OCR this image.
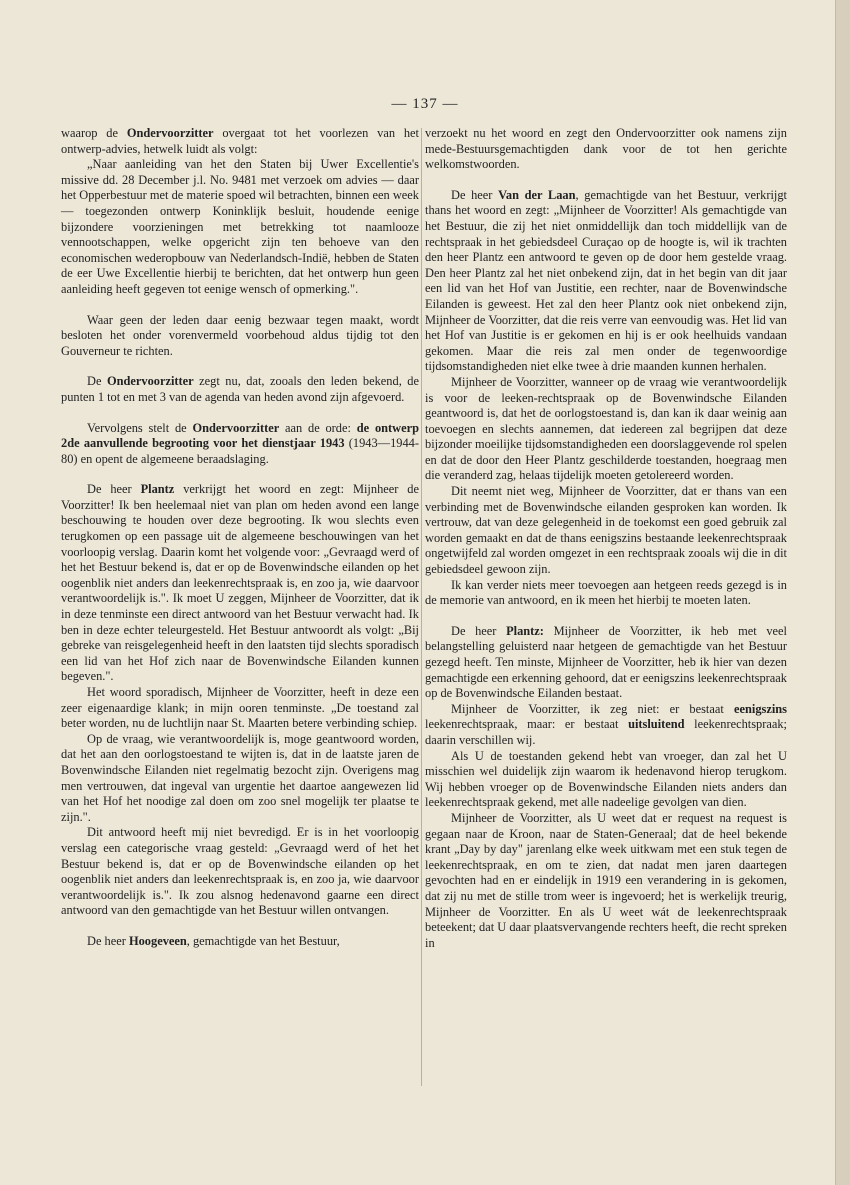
— 137 —

waarop de Ondervoorzitter overgaat tot het voorlezen van het ontwerp-advies, hetwelk luidt als volgt:

„Naar aanleiding van het den Staten bij Uwer Excellentie's missive dd. 28 December j.l. No. 9481 met verzoek om advies — daar het Opperbestuur met de materie spoed wil betrachten, binnen een week — toegezonden ontwerp Koninklijk besluit, houdende eenige bijzondere voorzieningen met betrekking tot naamlooze vennootschappen, welke opgericht zijn ten behoeve van den economischen wederopbouw van Nederlandsch-Indië, hebben de Staten de eer Uwe Excellentie hierbij te berichten, dat het ontwerp hun geen aanleiding heeft gegeven tot eenige wensch of opmerking.".

Waar geen der leden daar eenig bezwaar tegen maakt, wordt besloten het onder vorenvermeld voorbehoud aldus tijdig tot den Gouverneur te richten.

De Ondervoorzitter zegt nu, dat, zooals den leden bekend, de punten 1 tot en met 3 van de agenda van heden avond zijn afgevoerd.

Vervolgens stelt de Ondervoorzitter aan de orde: de ontwerp 2de aanvullende begrooting voor het dienstjaar 1943 (1943—1944-80) en opent de algemeene beraadslaging.

De heer Plantz verkrijgt het woord en zegt: Mijnheer de Voorzitter! Ik ben heelemaal niet van plan om heden avond een lange beschouwing te houden over deze begrooting. Ik wou slechts even terugkomen op een passage uit de algemeene beschouwingen van het voorloopig verslag. Daarin komt het volgende voor: „Gevraagd werd of het het Bestuur bekend is, dat er op de Bovenwindsche eilanden op het oogenblik niet anders dan leekenrechtspraak is, en zoo ja, wie daarvoor verantwoordelijk is.". Ik moet U zeggen, Mijnheer de Voorzitter, dat ik in deze tenminste een direct antwoord van het Bestuur verwacht had. Ik ben in deze echter teleurgesteld. Het Bestuur antwoordt als volgt: „Bij gebreke van reisgelegenheid heeft in den laatsten tijd slechts sporadisch een lid van het Hof zich naar de Bovenwindsche Eilanden kunnen begeven.".

Het woord sporadisch, Mijnheer de Voorzitter, heeft in deze een zeer eigenaardige klank; in mijn ooren tenminste. „De toestand zal beter worden, nu de luchtlijn naar St. Maarten betere verbinding schiep.

Op de vraag, wie verantwoordelijk is, moge geantwoord worden, dat het aan den oorlogstoestand te wijten is, dat in de laatste jaren de Bovenwindsche Eilanden niet regelmatig bezocht zijn. Overigens mag men vertrouwen, dat ingeval van urgentie het daartoe aangewezen lid van het Hof het noodige zal doen om zoo snel mogelijk ter plaatse te zijn.".

Dit antwoord heeft mij niet bevredigd. Er is in het voorloopig verslag een categorische vraag gesteld: „Gevraagd werd of het het Bestuur bekend is, dat er op de Bovenwindsche eilanden op het oogenblik niet anders dan leekenrechtspraak is, en zoo ja, wie daarvoor verantwoordelijk is.". Ik zou alsnog hedenavond gaarne een direct antwoord van den gemachtigde van het Bestuur willen ontvangen.

De heer Hoogeveen, gemachtigde van het Bestuur,

verzoekt nu het woord en zegt den Ondervoorzitter ook namens zijn mede-Bestuursgemachtigden dank voor de tot hen gerichte welkomstwoorden.

De heer Van der Laan, gemachtigde van het Bestuur, verkrijgt thans het woord en zegt: „Mijnheer de Voorzitter! Als gemachtigde van het Bestuur, die zij het niet onmiddellijk dan toch middellijk van de rechtspraak in het gebiedsdeel Curaçao op de hoogte is, wil ik trachten den heer Plantz een antwoord te geven op de door hem gestelde vraag. Den heer Plantz zal het niet onbekend zijn, dat in het begin van dit jaar een lid van het Hof van Justitie, een rechter, naar de Bovenwindsche Eilanden is geweest. Het zal den heer Plantz ook niet onbekend zijn, Mijnheer de Voorzitter, dat die reis verre van eenvoudig was. Het lid van het Hof van Justitie is er gekomen en hij is er ook heelhuids vandaan gekomen. Maar die reis zal men onder de tegenwoordige tijdsomstandigheden niet elke twee à drie maanden kunnen herhalen.

Mijnheer de Voorzitter, wanneer op de vraag wie verantwoordelijk is voor de leeken-rechtspraak op de Bovenwindsche Eilanden geantwoord is, dat het de oorlogstoestand is, dan kan ik daar weinig aan toevoegen en slechts aannemen, dat iedereen zal begrijpen dat deze bijzonder moeilijke tijdsomstandigheden een doorslaggevende rol spelen en dat de door den Heer Plantz geschilderde toestanden, hoegraag men die veranderd zag, helaas tijdelijk moeten getolereerd worden.

Dit neemt niet weg, Mijnheer de Voorzitter, dat er thans van een verbinding met de Bovenwindsche eilanden gesproken kan worden. Ik vertrouw, dat van deze gelegenheid in de toekomst een goed gebruik zal worden gemaakt en dat de thans eenigszins bestaande leekenrechtspraak ongetwijfeld zal worden omgezet in een rechtspraak zooals wij die in dit gebiedsdeel gewoon zijn.

Ik kan verder niets meer toevoegen aan hetgeen reeds gezegd is in de memorie van antwoord, en ik meen het hierbij te moeten laten.

De heer Plantz: Mijnheer de Voorzitter, ik heb met veel belangstelling geluisterd naar hetgeen de gemachtigde van het Bestuur gezegd heeft. Ten minste, Mijnheer de Voorzitter, heb ik hier van dezen gemachtigde een erkenning gehoord, dat er eenigszins leekenrechtspraak op de Bovenwindsche Eilanden bestaat.

Mijnheer de Voorzitter, ik zeg niet: er bestaat eenigszins leekenrechtspraak, maar: er bestaat uitsluitend leekenrechtspraak; daarin verschillen wij.

Als U de toestanden gekend hebt van vroeger, dan zal het U misschien wel duidelijk zijn waarom ik hedenavond hierop terugkom. Wij hebben vroeger op de Bovenwindsche Eilanden niets anders dan leekenrechtspraak gekend, met alle nadeelige gevolgen van dien.

Mijnheer de Voorzitter, als U weet dat er request na request is gegaan naar de Kroon, naar de Staten-Generaal; dat de heel bekende krant „Day by day" jarenlang elke week uitkwam met een stuk tegen de leekenrechtspraak, en om te zien, dat nadat men jaren daartegen gevochten had en er eindelijk in 1919 een verandering in is gekomen, dat zij nu met de stille trom weer is ingevoerd; het is werkelijk treurig, Mijnheer de Voorzitter. En als U weet wát de leekenrechtspraak beteekent; dat U daar plaatsvervangende rechters heeft, die recht spreken in
